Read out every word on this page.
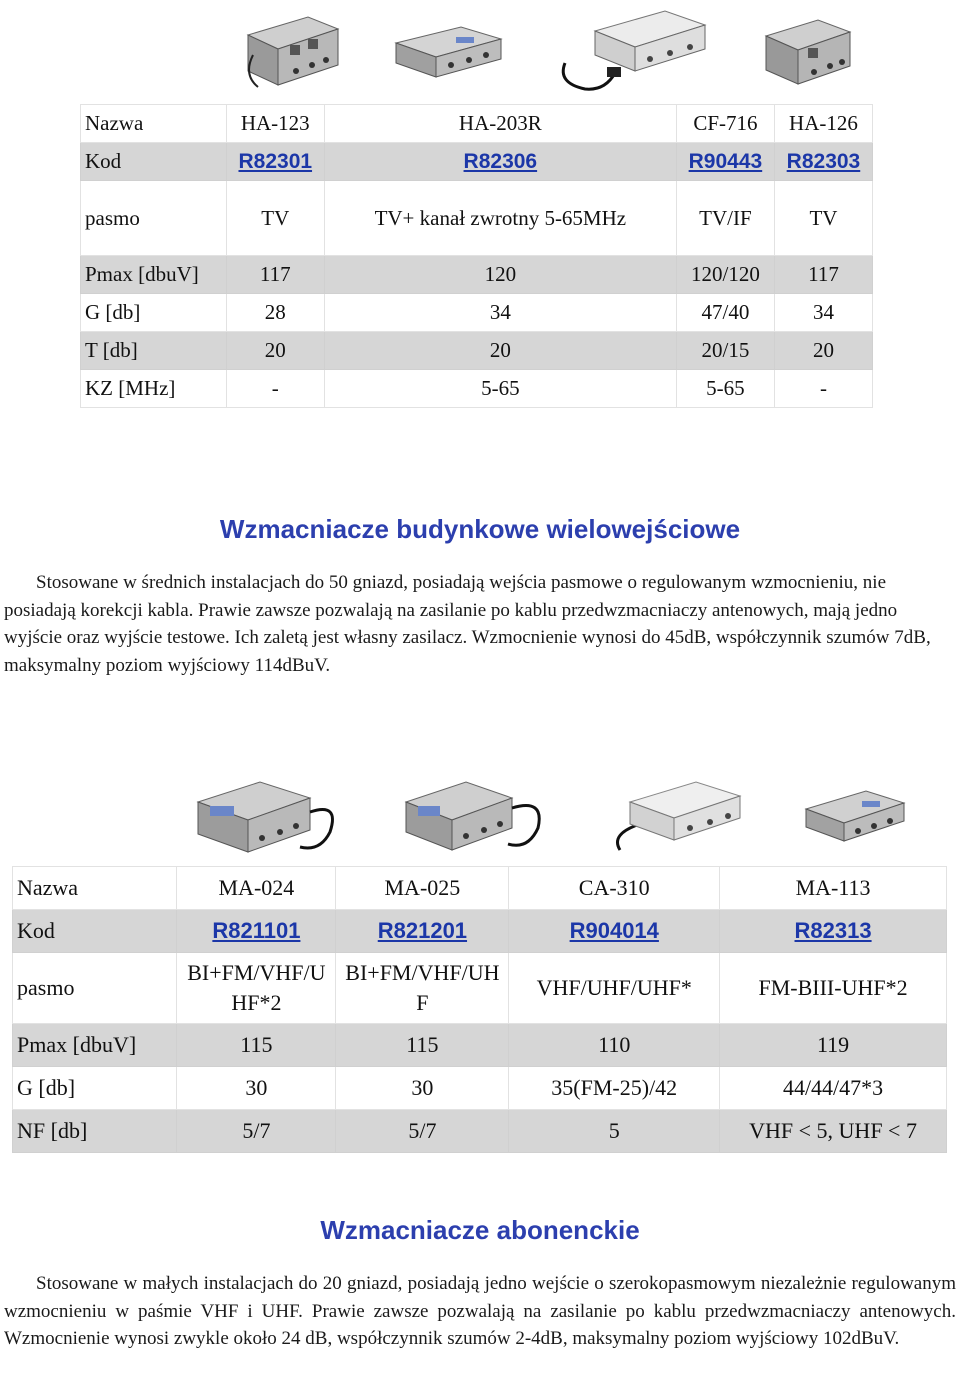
Nazwa	HA-123	HA-203R	CF-716	HA-126
Kod	R82301	R82306	R90443	R82303
pasmo	TV	TV+ kanał zwrotny 5-65MHz	TV/IF	TV
Pmax [dbuV]	117	120	120/120	117
G [db]	28	34	47/40	34
T [db]	20	20	20/15	20
KZ [MHz]	-	5-65	5-65	-
Wzmacniacze budynkowe wielowejściowe

Stosowane w średnich instalacjach do 50 gniazd, posiadają wejścia pasmowe o regulowanym wzmocnieniu, nie posiadają korekcji kabla. Prawie zawsze pozwalają na zasilanie po kablu przedwzmacniaczy antenowych, mają jedno wyjście oraz wyjście testowe. Ich zaletą jest własny zasilacz. Wzmocnienie wynosi do 45dB, współczynnik szumów 7dB, maksymalny poziom wyjściowy 114dBuV.

Nazwa	MA-024	MA-025	CA-310	MA-113
Kod	R821101	R821201	R904014	R82313
pasmo	BI+FM/VHF/UHF*2	BI+FM/VHF/UHF	VHF/UHF/UHF*	FM-BIII-UHF*2
Pmax [dbuV]	115	115	110	119
G [db]	30	30	35(FM-25)/42	44/44/47*3
NF [db]	5/7	5/7	5	VHF < 5, UHF < 7
Wzmacniacze abonenckie

Stosowane w małych instalacjach do 20 gniazd, posiadają jedno wejście o szerokopasmowym niezależnie regulowanym wzmocnieniu w paśmie VHF i UHF. Prawie zawsze pozwalają na zasilanie po kablu przedwzmacniaczy antenowych. Wzmocnienie wynosi zwykle około 24 dB, współczynnik szumów 2-4dB, maksymalny poziom wyjściowy 102dBuV.
